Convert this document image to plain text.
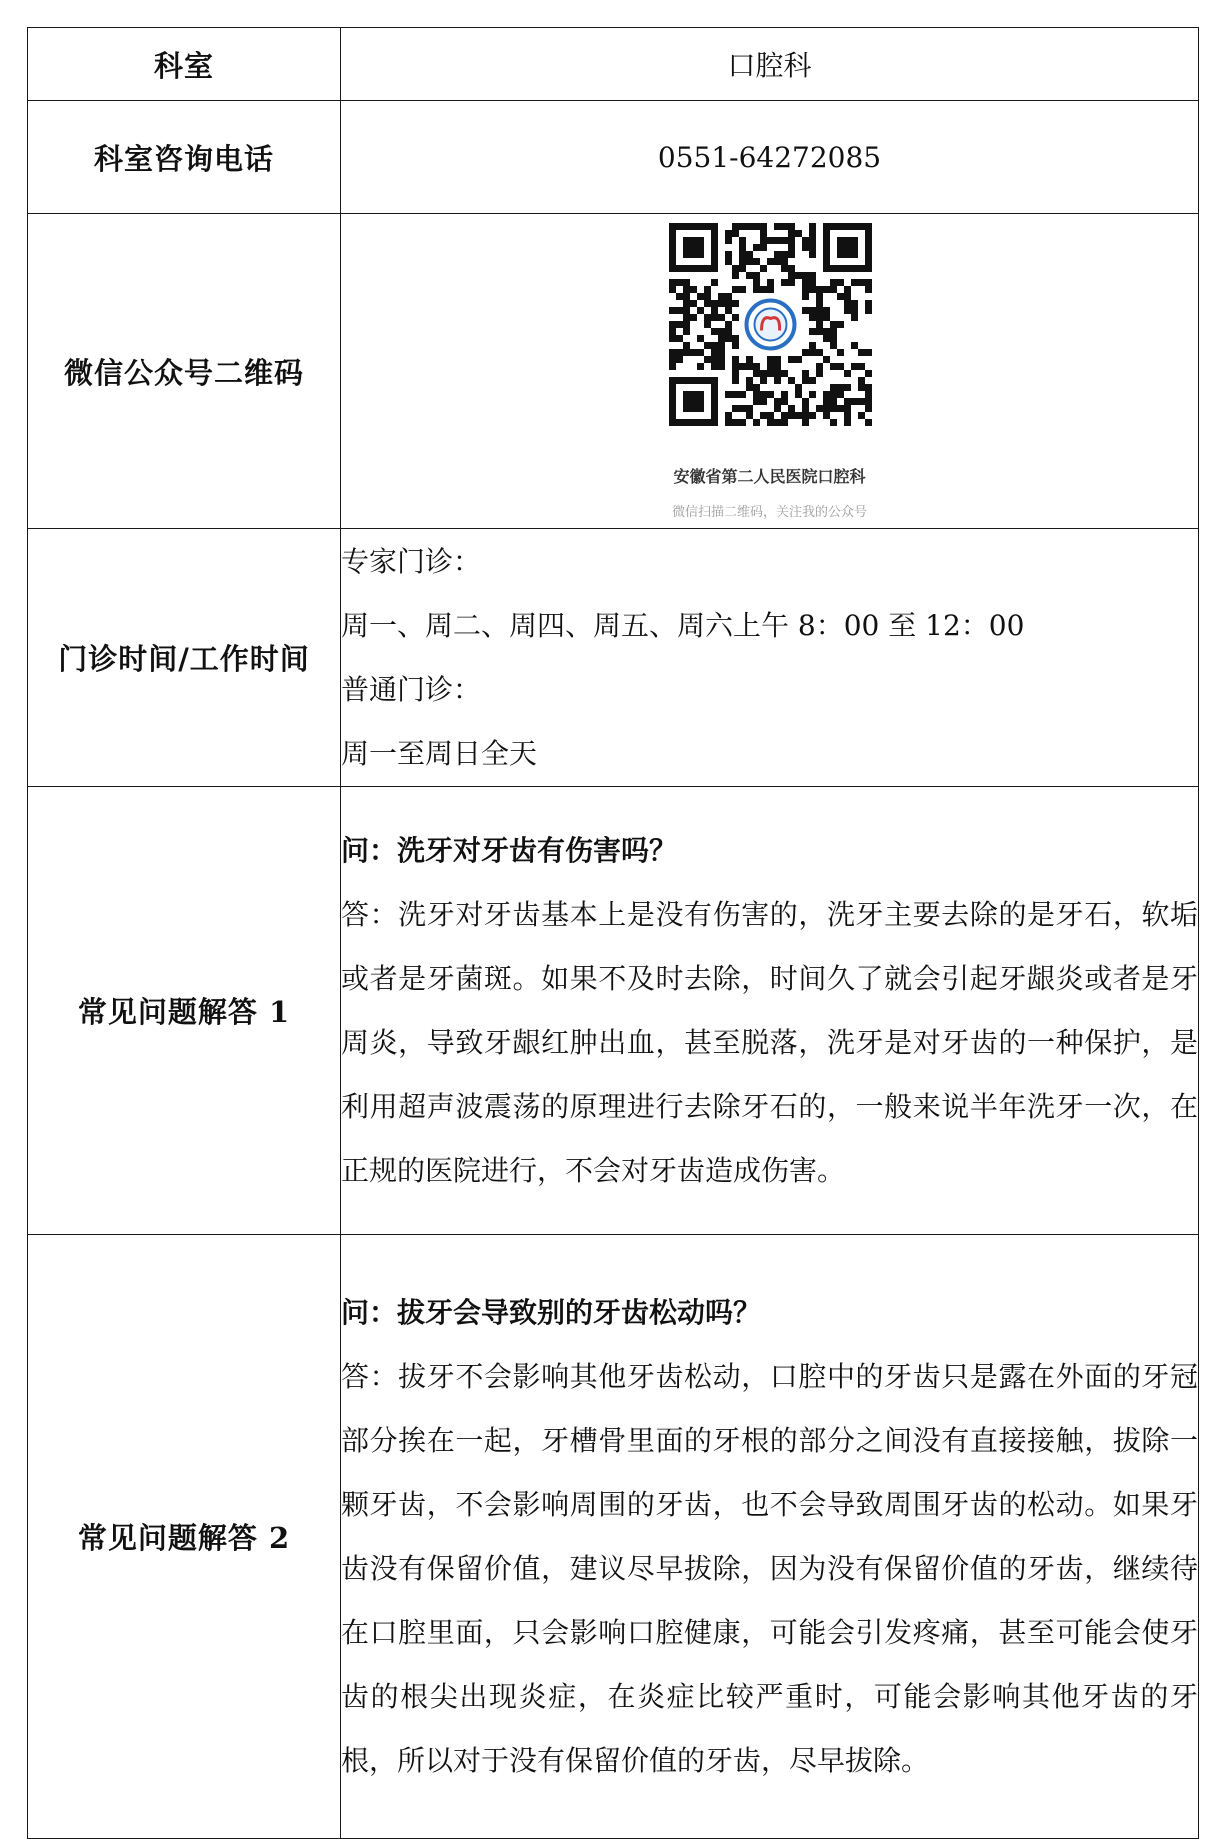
科室	口腔科
科室咨询电话	0551-64272085
微信公众号二维码	安徽省第二人民医院口腔科
微信扫描二维码，关注我的公众号

门诊时间/工作时间	专家门诊：
周一、周二、周四、周五、周六上午 8：00 至 12：00
普通门诊：
周一至周日全天

常见问题解答 1	问：洗牙对牙齿有伤害吗？
答：洗牙对牙齿基本上是没有伤害的，洗牙主要去除的是牙石，软垢或者是牙菌斑。如果不及时去除，时间久了就会引起牙龈炎或者是牙周炎，导致牙龈红肿出血，甚至脱落，洗牙是对牙齿的一种保护，是利用超声波震荡的原理进行去除牙石的，一般来说半年洗牙一次，在正规的医院进行，不会对牙齿造成伤害。

常见问题解答 2	问：拔牙会导致别的牙齿松动吗？
答：拔牙不会影响其他牙齿松动，口腔中的牙齿只是露在外面的牙冠部分挨在一起，牙槽骨里面的牙根的部分之间没有直接接触，拔除一颗牙齿，不会影响周围的牙齿，也不会导致周围牙齿的松动。如果牙齿没有保留价值，建议尽早拔除，因为没有保留价值的牙齿，继续待在口腔里面，只会影响口腔健康，可能会引发疼痛，甚至可能会使牙齿的根尖出现炎症，在炎症比较严重时，可能会影响其他牙齿的牙根，所以对于没有保留价值的牙齿，尽早拔除。
